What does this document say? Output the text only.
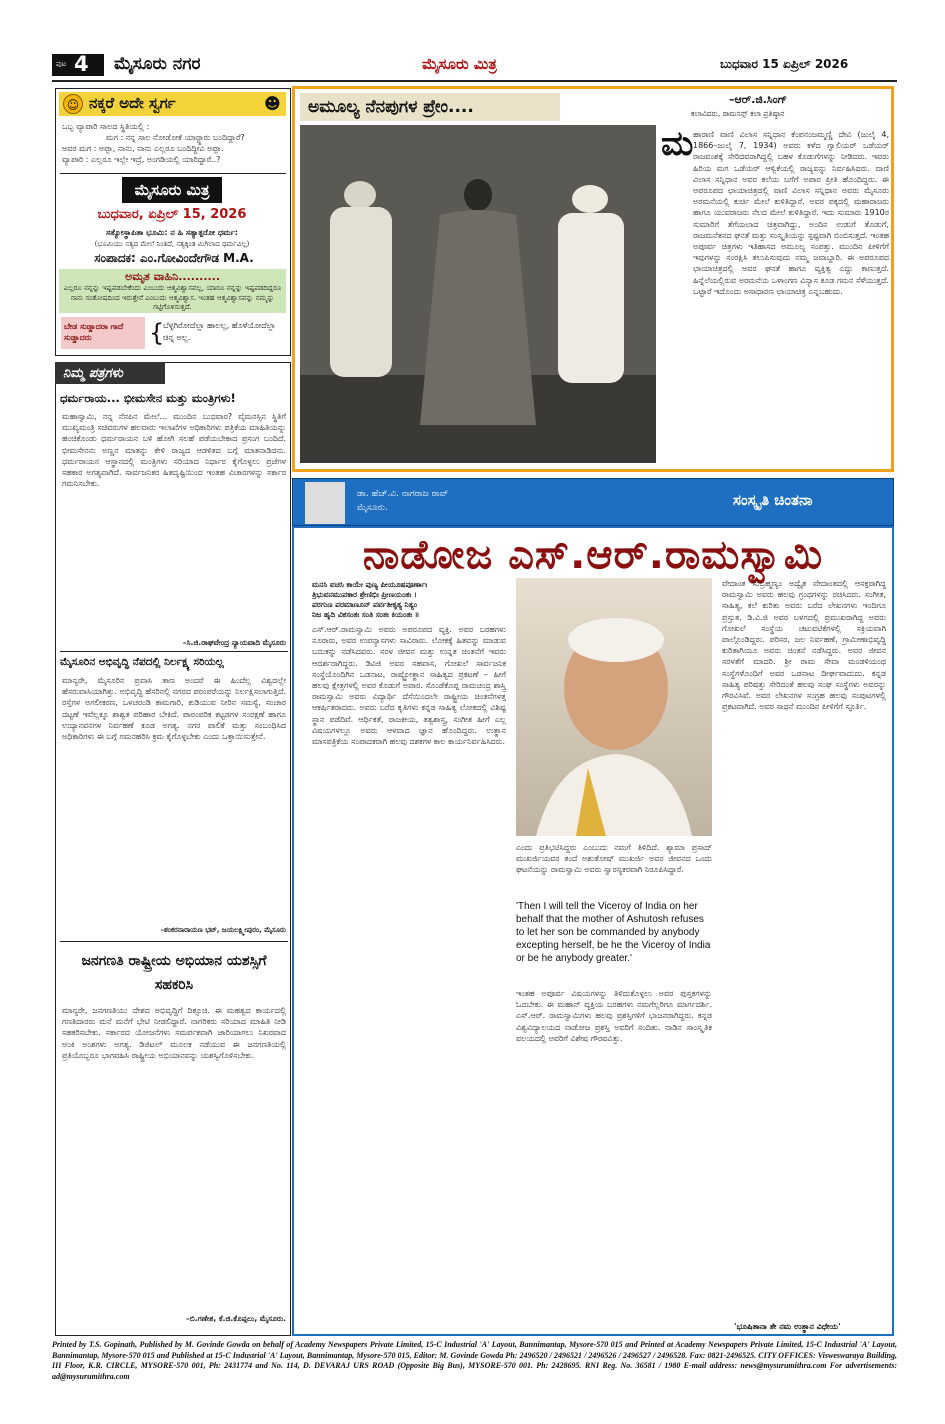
ಪುಟ 4 ಮೈಸೂರು ನಗರ	ಮೈಸೂರು ಮಿತ್ರ	ಬುಧವಾರ 15 ಏಪ್ರಿಲ್ 2026
☺ ನಕ್ಕರೆ ಅದೇ ಸ್ವರ್ಗ	☻
ಒಬ್ಬ ವ್ಯಾಪಾರಿ ಸಾಲದ ಸ್ಥಿತಿಯಲ್ಲಿ :
ಮಗ : ನನ್ನ ಸಾಲ ನೋಡೋಕೆ ಯಾರ್‍ದ್ದಾರು ಬಂದಿದ್ದಾರೆ?
ಅವರ ಮಗ : ಅಪ್ಪಾ, ನಾನು, ನಾನು ಎಲ್ಲರೂ ಬಂದಿದ್ದೀವಿ ಅಪ್ಪಾ.
ವ್ಯಾಪಾರಿ : ಎಲ್ಲರೂ ಇಲ್ಲೇ ಇದ್ರೆ, ಅಂಗಡಿಯಲ್ಲಿ ಯಾರಿದ್ದಾರೆ..?
ಮೈಸೂರು ಮಿತ್ರ
ಬುಧವಾರ, ಏಪ್ರಿಲ್ 15, 2026
ಸತ್ಯೋಸ್ಥಾಪಿತಾ ಭೂಮಿ: ನ ಹಿ ಸತ್ಯಾತ್ಪರೋ ಧರ್ಮ:
(ಭೂಮಿಯು ಸತ್ಯದ ಮೇಲೆ ನಿಂತಿದೆ, ಸತ್ಯಕ್ಕಿಂತ ಮಿಗಿಲಾದ ಧರ್ಮವಿಲ್ಲ)
ಸಂಪಾದಕ: ಎಂ.ಗೋವಿಂದೇಗೌಡ M.A.
ಅಮೃತ ವಾಹಿನಿ..........
ಎಲ್ಲರೂ ನನ್ನನ್ನು ಇಷ್ಟಪಡಬೇಕೆಂದು ಎಂಬುದು ಆತ್ಮವಿಶ್ವಾಸವಲ್ಲ, ಯಾರೂ ನನ್ನನ್ನು ಇಷ್ಟಪಡದಿದ್ದರೂ ನಾನು ಸಂತೋಷದಿಂದ ಇರುತ್ತೇನೆ ಎಂಬುದು ಆತ್ಮವಿಶ್ವಾಸ. ಇಂತಹ ಆತ್ಮವಿಶ್ವಾಸವನ್ನು ನಮ್ಮನ್ನು ಗಟ್ಟಿಗೊಳಿಸುತ್ತದೆ.
ಬೇಡ ಸುಡ್ಡಾದರಾ ಗಾದೆ ಸುಡ್ಡಾದರು	{
ಬೆಳ್ಳಗಿರೋದೆಲ್ಲಾ ಹಾಲಲ್ಲ, ಹೊಳೆಯೋದೆಲ್ಲಾ ಚಿನ್ನ ಅಲ್ಲ.
ನಿಮ್ಮ ಪತ್ರಗಳು
ಧರ್ಮರಾಯ... ಭೀಮಸೇನ ಮತ್ತು ಮಂತ್ರಿಗಳು!
ಮಹಾಸ್ವಾಮಿ, ನನ್ನ ನೆನಪಿನ ಮೇಲೆ... ಮುಂದಿನ ಬುಧವಾರ? ವೈಮನಸ್ಸಿನ ಸ್ಥಿತಿಗೆ ಮುಖ್ಯಮಂತ್ರಿ ಸಚಿವರುಗಳ ಹಲವಾರು ಇಲಾಖೆಗಳ ಅಧಿಕಾರಿಗಳು ಪತ್ರಿಕೆಯ ಮಾಹಿತಿಯನ್ನು ಹಂಚಿಕೊಂಡು ಧರ್ಮರಾಯನ ಬಳಿ ಹೋಗಿ ಸಲಹೆ ಪಡೆಯಬೇಕಾದ ಪ್ರಸಂಗ ಬಂದಿದೆ. ಭೀಮಸೇನನು ಅಣ್ಣನ ಮಾತನ್ನು ಕೇಳಿ ರಾಜ್ಯದ ಆಡಳಿತದ ಬಗ್ಗೆ ಮಾತನಾಡಿದನು. ಧರ್ಮರಾಯನ ಆಸ್ಥಾನದಲ್ಲಿ ಮಂತ್ರಿಗಳು ಸರಿಯಾದ ನಿರ್ಧಾರ ಕೈಗೊಳ್ಳಲು ಪ್ರಜೆಗಳ ಸಹಕಾರ ಅಗತ್ಯವಾಗಿದೆ. ಸಾರ್ವಜನಿಕರ ಹಿತದೃಷ್ಟಿಯಿಂದ ಇಂತಹ ವಿಚಾರಗಳನ್ನು ಸರ್ಕಾರ ಗಮನಿಸಬೇಕು.
–ಸಿ.ಜಿ.ರಾಘವೇಂದ್ರ ನ್ಯಾಯವಾದಿ ಮೈಸೂರು
ಮೈಸೂರಿನ ಅಭಿವೃದ್ಧಿ ನೆಪದಲ್ಲಿ ನಿರ್ಲಕ್ಷ್ಯ ಸರಿಯಲ್ಲ
ಮಾನ್ಯರೇ, ಮೈಸೂರಿನ ಪ್ರವಾಸಿ ತಾಣ ಅಂದರೆ ಈ ಹಿಂದೆಲ್ಲ ವಿಶ್ವದಲ್ಲೇ ಹೆಸರುವಾಸಿಯಾಗಿತ್ತು. ಅಭಿವೃದ್ಧಿ ಹೆಸರಿನಲ್ಲಿ ನಗರದ ಪರಂಪರೆಯನ್ನು ನಿರ್ಲಕ್ಷಿಸಲಾಗುತ್ತಿದೆ. ರಸ್ತೆಗಳ ಅಗಲೀಕರಣ, ಒಳಚರಂಡಿ ಕಾಮಗಾರಿ, ಕುಡಿಯುವ ನೀರಿನ ಸಮಸ್ಯೆ, ಸಂಚಾರ ದಟ್ಟಣೆ ಇವೆಲ್ಲಕ್ಕೂ ಶಾಶ್ವತ ಪರಿಹಾರ ಬೇಕಿದೆ. ಪಾರಂಪರಿಕ ಕಟ್ಟಡಗಳ ಸಂರಕ್ಷಣೆ ಹಾಗೂ ಉದ್ಯಾನವನಗಳ ನಿರ್ವಹಣೆ ಕೂಡ ಅಗತ್ಯ. ನಗರ ಪಾಲಿಕೆ ಮತ್ತು ಸಂಬಂಧಿಸಿದ ಅಧಿಕಾರಿಗಳು ಈ ಬಗ್ಗೆ ಗಮನಹರಿಸಿ ಕ್ರಮ ಕೈಗೊಳ್ಳಬೇಕು ಎಂದು ಒತ್ತಾಯಿಸುತ್ತೇನೆ.
–ಶಂಕರನಾರಾಯಣ ಭಟ್, ಜಯಲಕ್ಷ್ಮೀಪುರಂ, ಮೈಸೂರು
ಜನಗಣತಿ ರಾಷ್ಟ್ರೀಯ ಅಭಿಯಾನ ಯಶಸ್ಸಿಗೆ ಸಹಕರಿಸಿ
ಮಾನ್ಯರೇ, ಜನಗಣತಿಯು ದೇಶದ ಅಭಿವೃದ್ಧಿಗೆ ದಿಕ್ಸೂಚಿ. ಈ ಮಹತ್ವದ ಕಾರ್ಯದಲ್ಲಿ ಗಣತಿದಾರರು ಮನೆ ಮನೆಗೆ ಭೇಟಿ ನೀಡಲಿದ್ದಾರೆ. ನಾಗರಿಕರು ಸರಿಯಾದ ಮಾಹಿತಿ ನೀಡಿ ಸಹಕರಿಸಬೇಕು. ಸರ್ಕಾರದ ಯೋಜನೆಗಳು ಸಮರ್ಪಕವಾಗಿ ಜಾರಿಯಾಗಲು ನಿಖರವಾದ ಅಂಕಿ ಅಂಶಗಳು ಅಗತ್ಯ. ಡಿಜಿಟಲ್ ಮೂಲಕ ನಡೆಯುವ ಈ ಜನಗಣತಿಯಲ್ಲಿ ಪ್ರತಿಯೊಬ್ಬರೂ ಭಾಗವಹಿಸಿ ರಾಷ್ಟ್ರೀಯ ಅಭಿಯಾನವನ್ನು ಯಶಸ್ವಿಗೊಳಿಸಬೇಕು.
–ಬಿ.ಗಣೇಶ, ಕೆ.ಜಿ.ಕೊಪ್ಪಲು, ಮೈಸೂರು.
ಅಮೂಲ್ಯ ನೆನಪುಗಳ ಪ್ರೇಂ....	–ಆರ್.ಜಿ.ಸಿಂಗ್
ಕಲಾವಿದರು, ರಾಮಸನ್ಸ್ ಕಲಾ ಪ್ರತಿಷ್ಠಾನ
ಮ ಹಾರಾಣಿ ವಾಣಿ ವಿಲಾಸ ಸನ್ನಿಧಾನ ಕೆಂಪನಂಜಮ್ಮಣ್ಣಿ ದೇವಿ (ಜುಲೈ 4, 1866–ಜುಲೈ 7, 1934) ಅವರು ಕಳೆದ ಗ್ವಾಲಿಯರ್ ಒಡೆಯರ್ ರಾಜವಂಶಕ್ಕೆ ಸೇರಿದವರಾಗಿದ್ದಲ್ಲಿ ಬಹಳ ಕೊಡುಗೆಗಳನ್ನು ನೀಡಿದರು. ಇವರು ಹಿರಿಯ ಮಗ ಒಡೆಯರ್ ಆಳ್ವಿಕೆಯಲ್ಲಿ ರಾಜ್ಯವನ್ನು ನಿರ್ವಹಿಸಿದರು. ವಾಣಿ ವಿಲಾಸ ಸನ್ನಿಧಾನ ಅವರ ಕಲೆಯ ಬಗೆಗೆ ಅಪಾರ ಪ್ರೀತಿ ಹೊಂದಿದ್ದರು. ಈ ಅಪರೂಪದ ಛಾಯಾಚಿತ್ರದಲ್ಲಿ ವಾಣಿ ವಿಲಾಸ ಸನ್ನಿಧಾನ ಅವರು ಮೈಸೂರು ಅರಮನೆಯಲ್ಲಿ ಕುರ್ಚಿ ಮೇಲೆ ಕುಳಿತಿದ್ದಾರೆ. ಅವರ ಪಕ್ಕದಲ್ಲಿ ಮಹಾರಾಜರು ಹಾಗೂ ಯುವರಾಜರು ನೆಲದ ಮೇಲೆ ಕುಳಿತಿದ್ದಾರೆ. ಇದು ಸುಮಾರು 1910ರ ಸುಮಾರಿಗೆ ತೆಗೆಯಲಾದ ಚಿತ್ರವಾಗಿದ್ದು, ಅಂದಿನ ಉಡುಗೆ ತೊಡುಗೆ, ರಾಜಮನೆತನದ ಘನತೆ ಮತ್ತು ಸಂಸ್ಕೃತಿಯನ್ನು ಸ್ಪಷ್ಟವಾಗಿ ಬಿಂಬಿಸುತ್ತದೆ. ಇಂತಹ ಅಪೂರ್ವ ಚಿತ್ರಗಳು ಇತಿಹಾಸದ ಅಮೂಲ್ಯ ಸಂಪತ್ತು. ಮುಂದಿನ ಪೀಳಿಗೆಗೆ ಇವುಗಳನ್ನು ಸಂರಕ್ಷಿಸಿ ತಲುಪಿಸುವುದು ನಮ್ಮ ಜವಾಬ್ದಾರಿ. ಈ ಅಪರೂಪದ ಛಾಯಾಚಿತ್ರದಲ್ಲಿ ಅವರ ಘನತೆ ಹಾಗೂ ವ್ಯಕ್ತಿತ್ವ ಎದ್ದು ಕಾಣುತ್ತದೆ. ಹಿನ್ನೆಲೆಯಲ್ಲಿರುವ ಅರಮನೆಯ ಒಳಾಂಗಣ ವಿನ್ಯಾಸ ಕೂಡ ಗಮನ ಸೆಳೆಯುತ್ತದೆ. ಒಟ್ಟಾರೆ ಇದೊಂದು ಅಸಾಧಾರಣ ಛಾಯಾಚಿತ್ರ ಎನ್ನಬಹುದು.
ಡಾ. ಹೆಚ್.ವಿ. ನಾಗರಾಜ ರಾವ್
ಮೈಸೂರು.	ಸಂಸ್ಕೃತಿ ಚಿಂತನಾ
ನಾಡೋಜ ಎಸ್.ಆರ್.ರಾಮಸ್ವಾಮಿ
ಮನಸಿ ವಚಸಿ ಕಾಯೇ ಪುಣ್ಯ ಪೀಯೂಷಪೂರ್ಣಾಃ
ತ್ರಿಭುವನಮುಪಕಾರ ಶ್ರೇಣಿಭಿಃ ಪ್ರೀಣಯಂತಃ ।
ಪರಗುಣ ಪರಮಾಣೂನ್ ಪರ್ವತೀಕೃತ್ಯ ನಿತ್ಯಂ
ನಿಜ ಹೃದಿ ವಿಕಸಂತಃ ಸಂತಿ ಸಂತಃ ಕಿಯಂತಃ ॥
ಎಸ್.ಆರ್.ರಾಮಸ್ವಾಮಿ ಅವರು ಅಪರೂಪದ ವ್ಯಕ್ತಿ. ಅವರ ಬರಹಗಳು ನೂರಾರು, ಅವರ ಉಪನ್ಯಾಸಗಳು ಸಾವಿರಾರು. ಲೋಕಕ್ಕೆ ಹಿತವನ್ನು ಮಾಡುವ ಬದುಕನ್ನು ನಡೆಸಿದವರು. ಸರಳ ಜೀವನ ಮತ್ತು ಉನ್ನತ ಚಿಂತನೆಗೆ ಇವರು ಆದರ್ಶರಾಗಿದ್ದರು. ಡಿವಿಜಿ ಅವರ ಸಹವಾಸ, ಗೋಖಲೆ ಸಾರ್ವಜನಿಕ ಸಂಸ್ಥೆಯೊಂದಿಗಿನ ಒಡನಾಟ, ರಾಷ್ಟ್ರೋತ್ಥಾನ ಸಾಹಿತ್ಯದ ಪ್ರಕಟಣೆ – ಹೀಗೆ ಹಲವು ಕ್ಷೇತ್ರಗಳಲ್ಲಿ ಅವರ ಕೊಡುಗೆ ಅಪಾರ. ಸೊಂಡೆಕೊಪ್ಪ ರಾಮಚಂದ್ರ ಶಾಸ್ತ್ರಿ ರಾಮಸ್ವಾಮಿ ಅವರು ವಿದ್ಯಾರ್ಥಿ ದೆಸೆಯಿಂದಲೇ ರಾಷ್ಟ್ರೀಯ ಚಿಂತನೆಗಳತ್ತ ಆಕರ್ಷಿತರಾದರು. ಅವರು ಬರೆದ ಕೃತಿಗಳು ಕನ್ನಡ ಸಾಹಿತ್ಯ ಲೋಕದಲ್ಲಿ ವಿಶಿಷ್ಟ ಸ್ಥಾನ ಪಡೆದಿವೆ. ಆರ್ಥಿಕತೆ, ರಾಜಕೀಯ, ತತ್ವಶಾಸ್ತ್ರ, ಸಂಗೀತ ಹೀಗೆ ಎಲ್ಲ ವಿಷಯಗಳಲ್ಲೂ ಅವರು ಆಳವಾದ ಜ್ಞಾನ ಹೊಂದಿದ್ದರು. ಉತ್ಥಾನ ಮಾಸಪತ್ರಿಕೆಯ ಸಂಪಾದಕರಾಗಿ ಹಲವು ದಶಕಗಳ ಕಾಲ ಕಾರ್ಯನಿರ್ವಹಿಸಿದರು.
ಎಂದು ಪ್ರತಿಭಟಿಸಿದ್ದರು ಎಂಬುದು ನಮಗೆ ತಿಳಿದಿದೆ. ಶ್ಯಾಮಾ ಪ್ರಸಾದ್ ಮುಖರ್ಜಿಯವರ ತಂದೆ ಅಶುತೋಷ್ ಮುಖರ್ಜಿ ಅವರ ಜೀವನದ ಒಂದು ಘಟನೆಯನ್ನು ರಾಮಸ್ವಾಮಿ ಅವರು ಸ್ವಾರಸ್ಯಕರವಾಗಿ ನಿರೂಪಿಸಿದ್ದಾರೆ.
'Then I will tell the Viceroy of India on her behalf that the mother of Ashutosh refuses to let her son be commanded by anybody excepting herself, be he the Viceroy of India or be he anybody greater.'
ಇಂತಹ ಅಪೂರ್ವ ವಿಷಯಗಳನ್ನು ತಿಳಿದುಕೊಳ್ಳಲು ಅವರ ಪುಸ್ತಕಗಳನ್ನು ಓದಬೇಕು. ಈ ಮಹಾನ್ ವ್ಯಕ್ತಿಯ ಬರಹಗಳು ನಮಗೆಲ್ಲರಿಗೂ ಮಾರ್ಗದರ್ಶಿ. ಎಸ್.ಆರ್. ರಾಮಸ್ವಾಮಿಗಳು ಹಲವು ಪ್ರಶಸ್ತಿಗಳಿಗೆ ಭಾಜನರಾಗಿದ್ದರು. ಕನ್ನಡ ವಿಶ್ವವಿದ್ಯಾಲಯದ ನಾಡೋಜ ಪ್ರಶಸ್ತಿ ಅವರಿಗೆ ಸಂದಿತು. ನಾಡಿನ ಸಾಂಸ್ಕೃತಿಕ ವಲಯದಲ್ಲಿ ಅವರಿಗೆ ವಿಶೇಷ ಗೌರವವಿತ್ತು.
ವೇದಾಂತ ಸುಬ್ರಹ್ಮಣ್ಯಂ ಅದ್ವೈತ ವೇದಾಂತದಲ್ಲಿ ಆಸಕ್ತರಾಗಿದ್ದ ರಾಮಸ್ವಾಮಿ ಅವರು ಹಲವು ಗ್ರಂಥಗಳನ್ನು ರಚಿಸಿದರು. ಸಂಗೀತ, ಸಾಹಿತ್ಯ, ಕಲೆ ಕುರಿತು ಅವರು ಬರೆದ ಲೇಖನಗಳು ಇಂದಿಗೂ ಪ್ರಸ್ತುತ. ಡಿ.ವಿ.ಜಿ ಅವರ ಬಳಗದಲ್ಲಿ ಪ್ರಮುಖರಾಗಿದ್ದ ಅವರು ಗೋಖಲೆ ಸಂಸ್ಥೆಯ ಚಟುವಟಿಕೆಗಳಲ್ಲಿ ಸಕ್ರಿಯವಾಗಿ ಪಾಲ್ಗೊಂಡಿದ್ದರು. ಪರಿಸರ, ಜಲ ನಿರ್ವಹಣೆ, ಗ್ರಾಮೀಣಾಭಿವೃದ್ಧಿ ಕುರಿತಾಗಿಯೂ ಅವರು ಚಿಂತನೆ ನಡೆಸಿದ್ದರು. ಅವರ ಜೀವನ ಸರಳತೆಗೆ ಮಾದರಿ. ಶ್ರೀ ರಾಮ ಸೇವಾ ಮಂಡಳಿಯಂಥ ಸಂಸ್ಥೆಗಳೊಂದಿಗೆ ಅವರ ಒಡನಾಟ ದೀರ್ಘವಾದುದು. ಕನ್ನಡ ಸಾಹಿತ್ಯ ಪರಿಷತ್ತು ಸೇರಿದಂತೆ ಹಲವು ಸಂಘ ಸಂಸ್ಥೆಗಳು ಅವರನ್ನು ಗೌರವಿಸಿವೆ. ಅವರ ಲೇಖನಗಳ ಸಂಗ್ರಹ ಹಲವು ಸಂಪುಟಗಳಲ್ಲಿ ಪ್ರಕಟವಾಗಿದೆ. ಅವರ ಸಾಧನೆ ಮುಂದಿನ ಪೀಳಿಗೆಗೆ ಸ್ಫೂರ್ತಿ.
'ಭೂಷಿತಾನಾ ತೇ ನಮ ಉತ್ಥಾನ ವಿಧೇಯ'
Printed by T.S. Gopinath, Published by M. Govinde Gowda on behalf of Academy Newspapers Private Limited, 15-C Industrial 'A' Layout, Bannimantap, Mysore-570 015 and Printed at Academy Newspapers Private Limited, 15-C Industrial 'A' Layout, Bannimantap, Mysore-570 015 and Published at 15-C Industrial 'A' Layout, Bannimantap, Mysore-570 015, Editor: M. Govinde Gowda Ph: 2496520 / 2496521 / 2496526 / 2496527 / 2496528. Fax: 0821-2496525. CITY OFFICES: Visweswaraya Building, III Floor, K.R. CIRCLE, MYSORE-570 001, Ph: 2431774 and No. 114, D. DEVARAJ URS ROAD (Opposite Big Bus), MYSORE-570 001. Ph: 2428695. RNI Reg. No. 36581 / 1980 E-mail address: news@mysurumithra.com For advertisements: ad@mysurumithra.com
